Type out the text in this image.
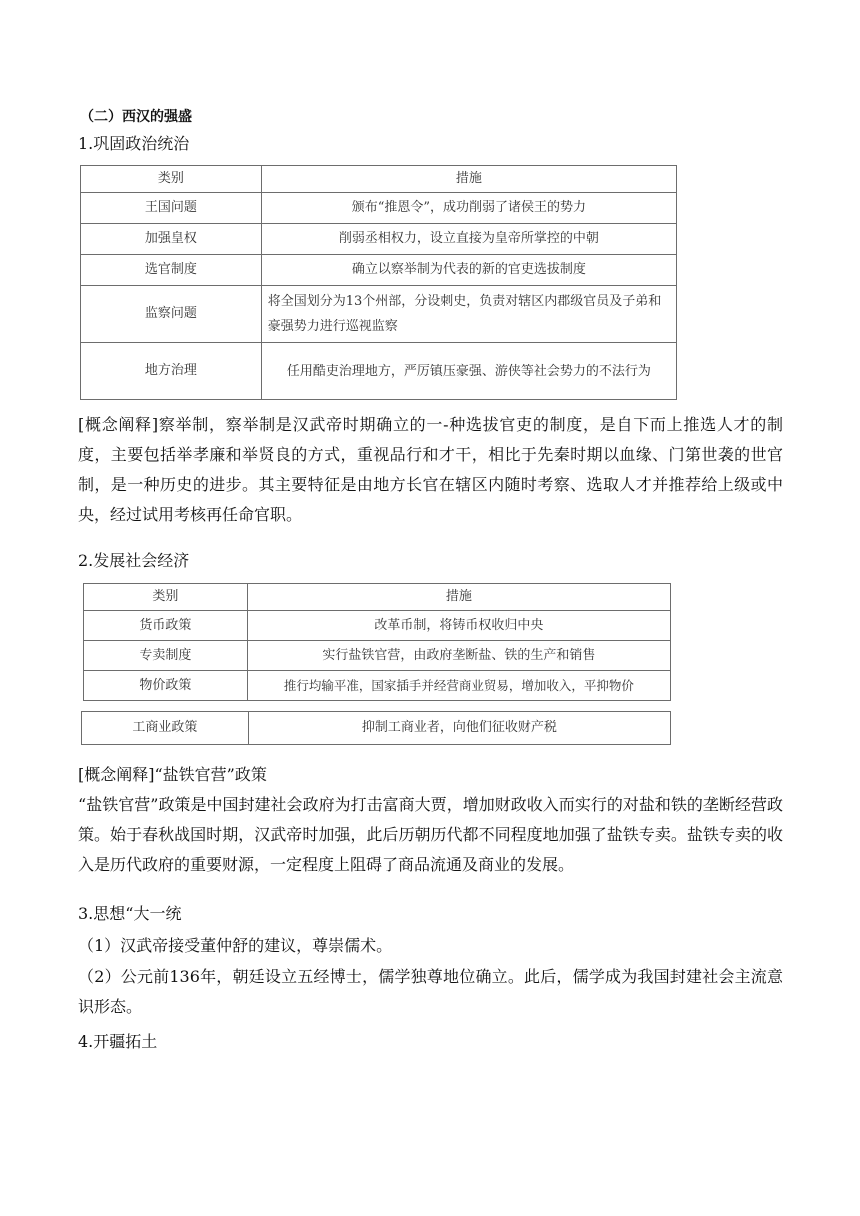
（二）西汉的强盛
1.巩固政治统治
类别	措施
王国问题	颁布“推恩令”，成功削弱了诸侯王的势力
加强皇权	削弱丞相权力，设立直接为皇帝所掌控的中朝
选官制度	确立以察举制为代表的新的官吏选拔制度
监察问题	将全国划分为13个州部，分设刺史，负责对辖区内郡级官员及子弟和豪强势力进行巡视监察
地方治理	任用酷吏治理地方，严厉镇压豪强、游侠等社会势力的不法行为
[概念阐释]察举制，察举制是汉武帝时期确立的一-种选拔官吏的制度，是自下而上推选人才的制度，主要包括举孝廉和举贤良的方式，重视品行和才干，相比于先秦时期以血缘、门第世袭的世官制，是一种历史的进步。其主要特征是由地方长官在辖区内随时考察、选取人才并推荐给上级或中央，经过试用考核再任命官职。
2.发展社会经济
类别	措施
货币政策	改革币制，将铸币权收归中央
专卖制度	实行盐铁官营，由政府垄断盐、铁的生产和销售
物价政策	推行均输平准，国家插手并经营商业贸易，增加收入，平抑物价
工商业政策	抑制工商业者，向他们征收财产税
[概念阐释]“盐铁官营”政策
“盐铁官营”政策是中国封建社会政府为打击富商大贾，增加财政收入而实行的对盐和铁的垄断经营政策。始于春秋战国时期，汉武帝时加强，此后历朝历代都不同程度地加强了盐铁专卖。盐铁专卖的收入是历代政府的重要财源，一定程度上阻碍了商品流通及商业的发展。
3.思想“大一统
（1）汉武帝接受董仲舒的建议，尊崇儒术。
（2）公元前136年，朝廷设立五经博士，儒学独尊地位确立。此后，儒学成为我国封建社会主流意识形态。
4.开疆拓土
